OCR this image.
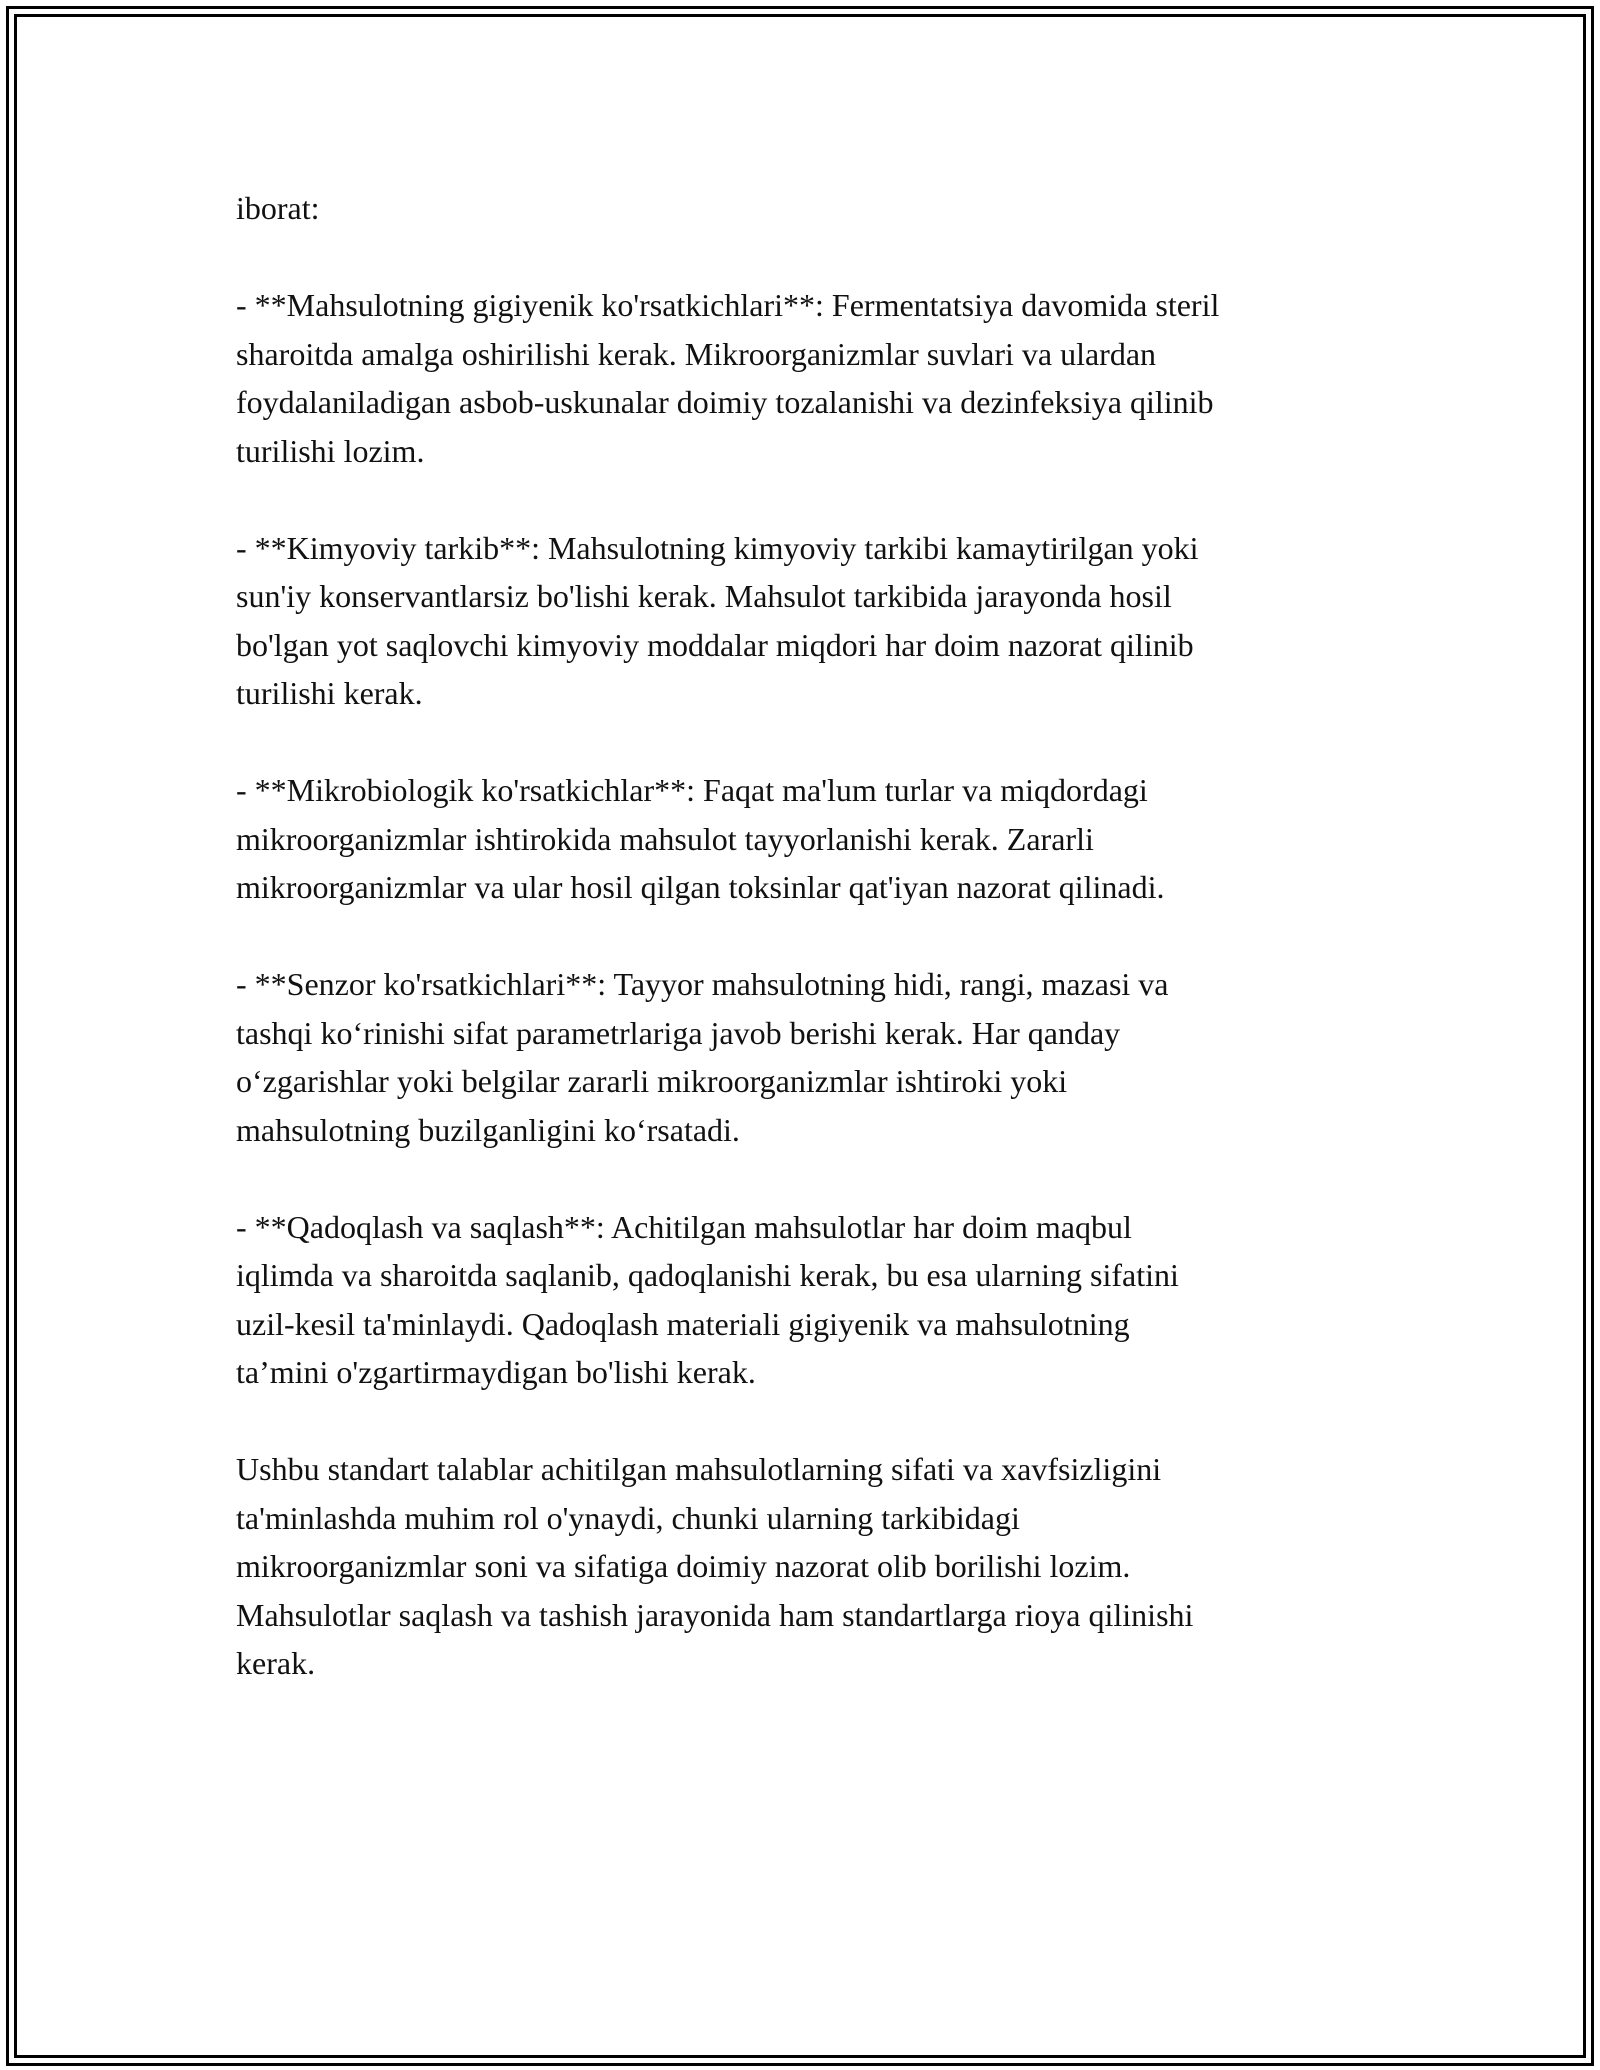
iborat:

- **Mahsulotning gigiyenik ko'rsatkichlari**: Fermentatsiya davomida steril
sharoitda amalga oshirilishi kerak. Mikroorganizmlar suvlari va ulardan
foydalaniladigan asbob-uskunalar doimiy tozalanishi va dezinfeksiya qilinib
turilishi lozim.

- **Kimyoviy tarkib**: Mahsulotning kimyoviy tarkibi kamaytirilgan yoki
sun'iy konservantlarsiz bo'lishi kerak. Mahsulot tarkibida jarayonda hosil
bo'lgan yot saqlovchi kimyoviy moddalar miqdori har doim nazorat qilinib
turilishi kerak.

- **Mikrobiologik ko'rsatkichlar**: Faqat ma'lum turlar va miqdordagi
mikroorganizmlar ishtirokida mahsulot tayyorlanishi kerak. Zararli
mikroorganizmlar va ular hosil qilgan toksinlar qat'iyan nazorat qilinadi.

- **Senzor ko'rsatkichlari**: Tayyor mahsulotning hidi, rangi, mazasi va
tashqi ko‘rinishi sifat parametrlariga javob berishi kerak. Har qanday
o‘zgarishlar yoki belgilar zararli mikroorganizmlar ishtiroki yoki
mahsulotning buzilganligini ko‘rsatadi.

- **Qadoqlash va saqlash**: Achitilgan mahsulotlar har doim maqbul
iqlimda va sharoitda saqlanib, qadoqlanishi kerak, bu esa ularning sifatini
uzil-kesil ta'minlaydi. Qadoqlash materiali gigiyenik va mahsulotning
ta’mini o'zgartirmaydigan bo'lishi kerak.

Ushbu standart talablar achitilgan mahsulotlarning sifati va xavfsizligini
ta'minlashda muhim rol o'ynaydi, chunki ularning tarkibidagi
mikroorganizmlar soni va sifatiga doimiy nazorat olib borilishi lozim.
Mahsulotlar saqlash va tashish jarayonida ham standartlarga rioya qilinishi
kerak.
